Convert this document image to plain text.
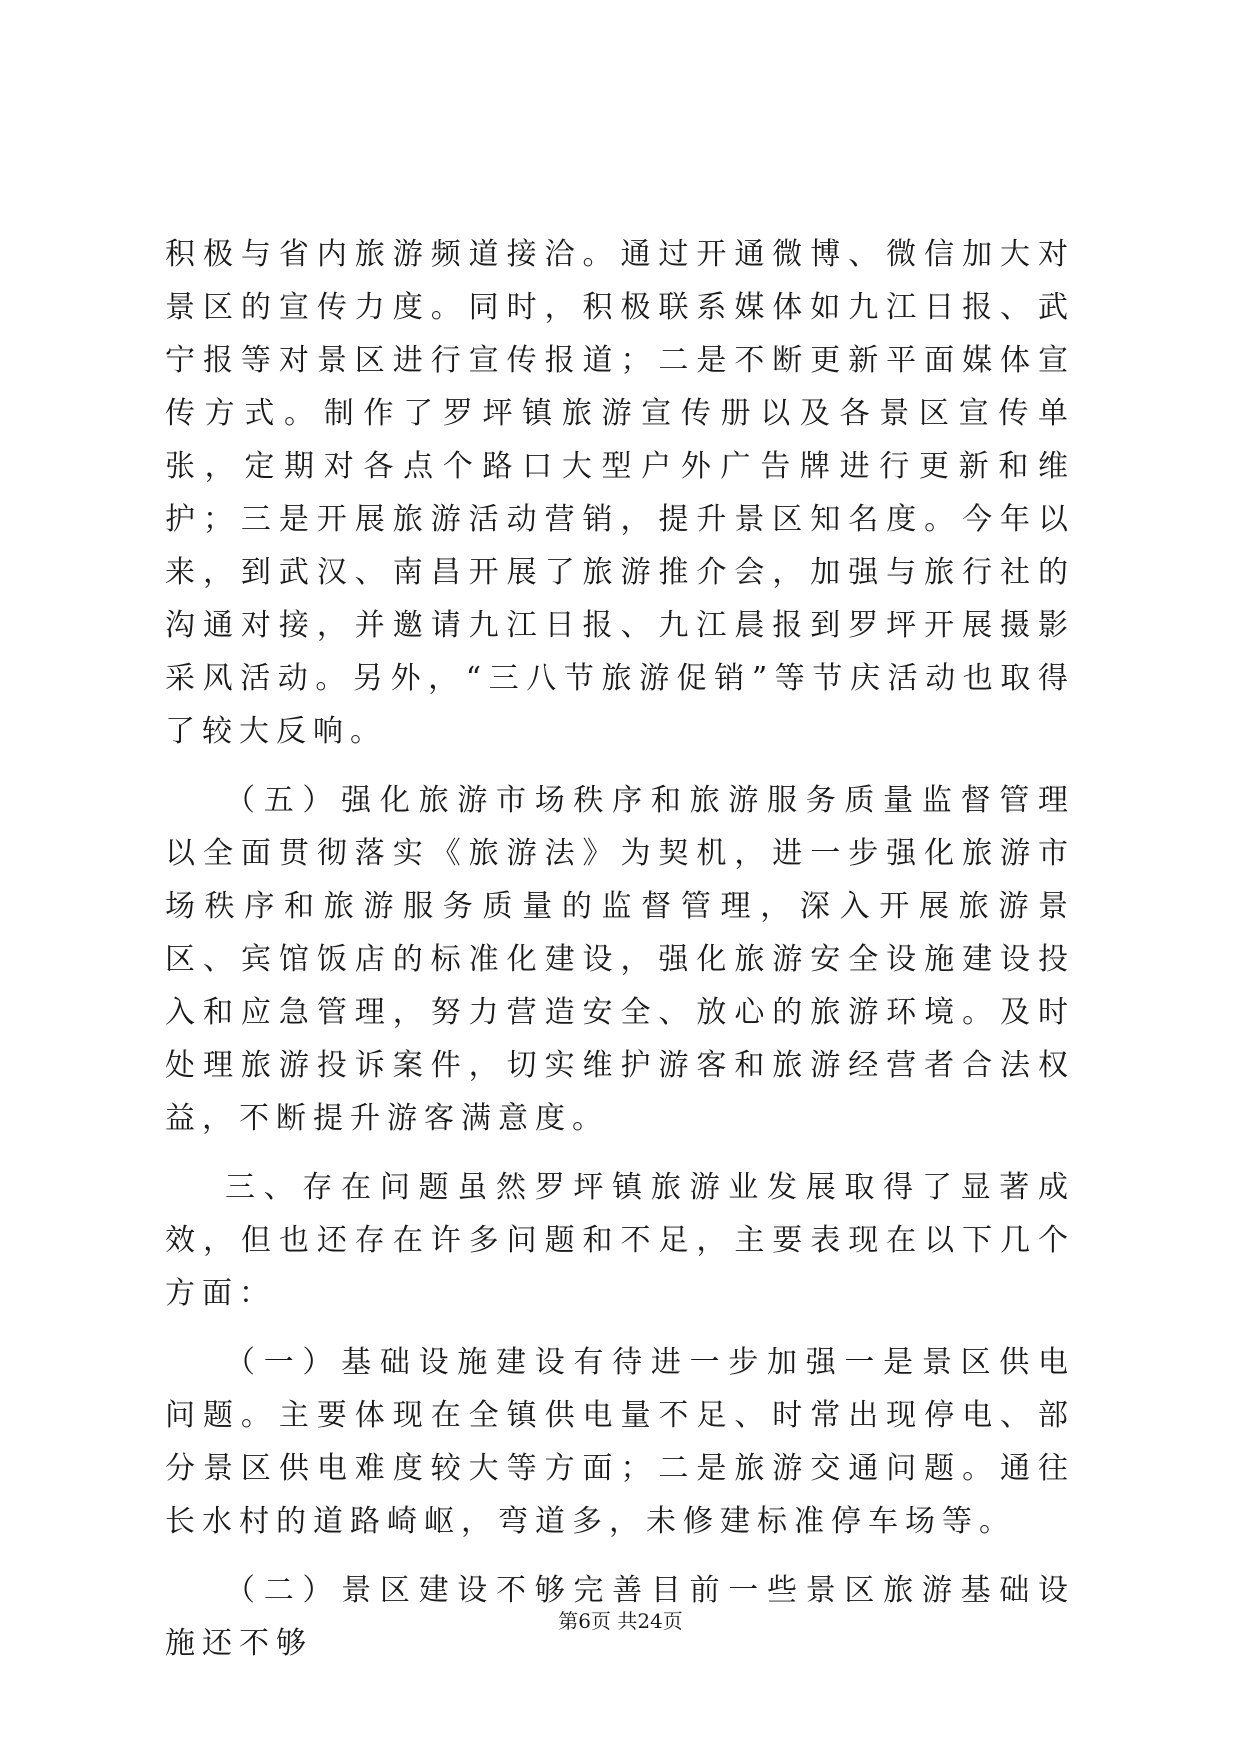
积极与省内旅游频道接洽。通过开通微博、微信加大对景区的宣传力度。同时，积极联系媒体如九江日报、武宁报等对景区进行宣传报道；二是不断更新平面媒体宣传方式。制作了罗坪镇旅游宣传册以及各景区宣传单张，定期对各点个路口大型户外广告牌进行更新和维护；三是开展旅游活动营销，提升景区知名度。今年以来，到武汉、南昌开展了旅游推介会，加强与旅行社的沟通对接，并邀请九江日报、九江晨报到罗坪开展摄影采风活动。另外，“三八节旅游促销”等节庆活动也取得了较大反响。

（五）强化旅游市场秩序和旅游服务质量监督管理以全面贯彻落实《旅游法》为契机，进一步强化旅游市场秩序和旅游服务质量的监督管理，深入开展旅游景区、宾馆饭店的标准化建设，强化旅游安全设施建设投入和应急管理，努力营造安全、放心的旅游环境。及时处理旅游投诉案件，切实维护游客和旅游经营者合法权益，不断提升游客满意度。

三、存在问题虽然罗坪镇旅游业发展取得了显著成效，但也还存在许多问题和不足，主要表现在以下几个方面：

（一）基础设施建设有待进一步加强一是景区供电问题。主要体现在全镇供电量不足、时常出现停电、部分景区供电难度较大等方面；二是旅游交通问题。通往长水村的道路崎岖，弯道多，未修建标准停车场等。

（二）景区建设不够完善目前一些景区旅游基础设施还不够

第6页 共24页
